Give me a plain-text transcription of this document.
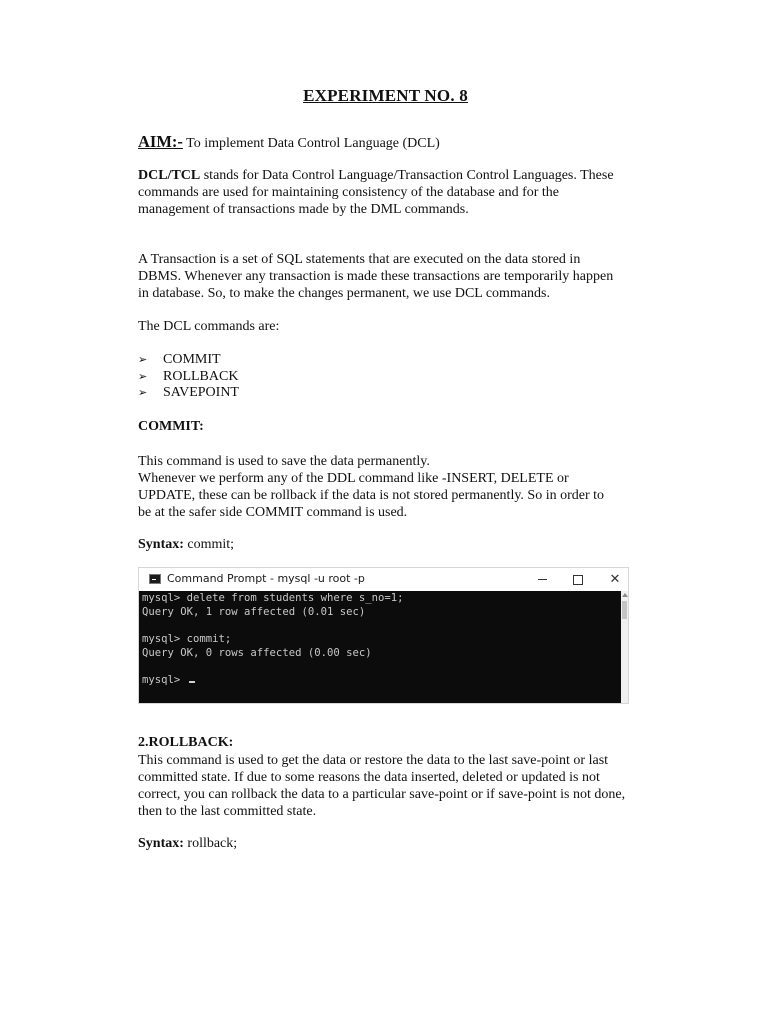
EXPERIMENT NO. 8
AIM:- To implement Data Control Language (DCL)
DCL/TCL stands for Data Control Language/Transaction Control Languages. These
commands are used for maintaining consistency of the database and for the
management of transactions made by the DML commands.
A Transaction is a set of SQL statements that are executed on the data stored in
DBMS. Whenever any transaction is made these transactions are temporarily happen
in database. So, to make the changes permanent, we use DCL commands.
The DCL commands are:
➢ COMMIT
➢ ROLLBACK
➢ SAVEPOINT
COMMIT:
This command is used to save the data permanently.
Whenever we perform any of the DDL command like -INSERT, DELETE or
UPDATE, these can be rollback if the data is not stored permanently. So in order to
be at the safer side COMMIT command is used.
Syntax: commit;
2.ROLLBACK:
This command is used to get the data or restore the data to the last save-point or last
committed state. If due to some reasons the data inserted, deleted or updated is not
correct, you can rollback the data to a particular save-point or if save-point is not done,
then to the last committed state.
Syntax: rollback;
Command Prompt - mysql -u root -p	✕
mysql> delete from students where s_no=1;
Query OK, 1 row affected (0.01 sec)
mysql> commit;
Query OK, 0 rows affected (0.00 sec)
mysql>
